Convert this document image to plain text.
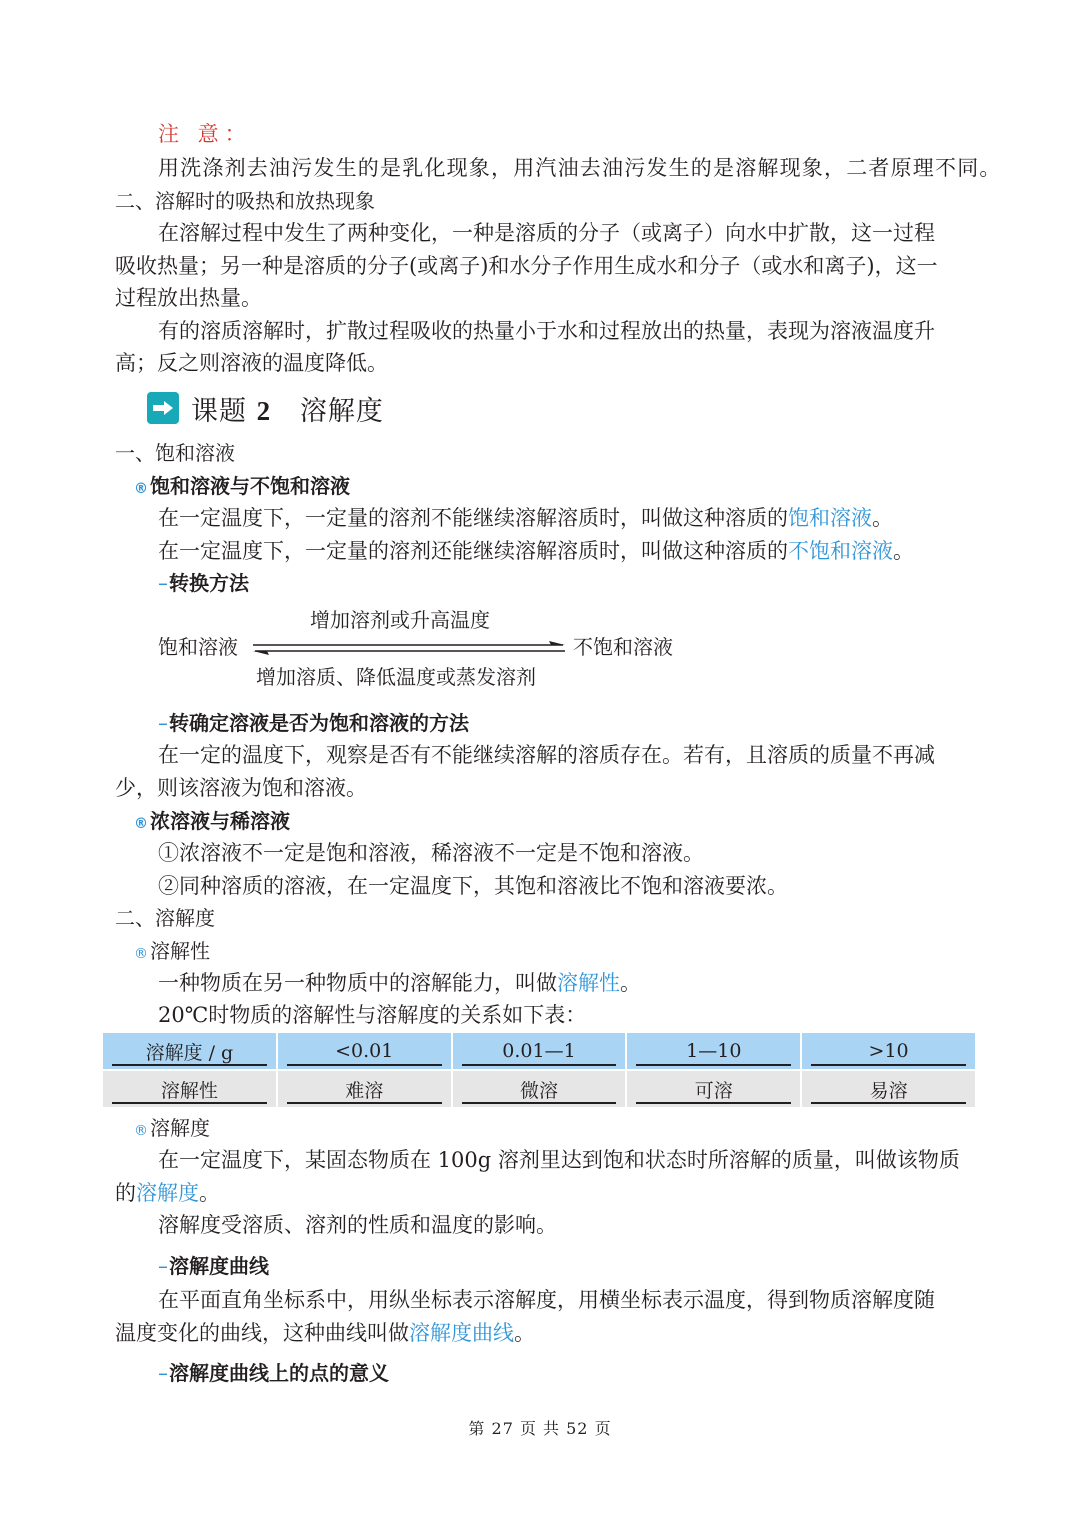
注 意：
用洗涤剂去油污发生的是乳化现象，用汽油去油污发生的是溶解现象，二者原理不同。
二、溶解时的吸热和放热现象
在溶解过程中发生了两种变化，一种是溶质的分子（或离子）向水中扩散，这一过程
吸收热量；另一种是溶质的分子(或离子)和水分子作用生成水和分子（或水和离子)，这一
过程放出热量。
有的溶质溶解时，扩散过程吸收的热量小于水和过程放出的热量，表现为溶液温度升
高；反之则溶液的温度降低。
课题 2 溶解度
一、饱和溶液
® 饱和溶液与不饱和溶液
在一定温度下，一定量的溶剂不能继续溶解溶质时，叫做这种溶质的饱和溶液。
在一定温度下，一定量的溶剂还能继续溶解溶质时，叫做这种溶质的不饱和溶液。
–转换方法
增加溶剂或升高温度
饱和溶液	不饱和溶液
增加溶质、降低温度或蒸发溶剂
–转确定溶液是否为饱和溶液的方法
在一定的温度下，观察是否有不能继续溶解的溶质存在。若有，且溶质的质量不再减
少，则该溶液为饱和溶液。
® 浓溶液与稀溶液
①浓溶液不一定是饱和溶液，稀溶液不一定是不饱和溶液。
②同种溶质的溶液，在一定温度下，其饱和溶液比不饱和溶液要浓。
二、溶解度
® 溶解性
一种物质在另一种物质中的溶解能力，叫做溶解性。
20℃时物质的溶解性与溶解度的关系如下表：
溶解度 / g	<0.01	0.01—1	1—10	>10
溶解性	难溶	微溶	可溶	易溶
® 溶解度
在一定温度下，某固态物质在 100g 溶剂里达到饱和状态时所溶解的质量，叫做该物质
的溶解度。
溶解度受溶质、溶剂的性质和温度的影响。
–溶解度曲线
在平面直角坐标系中，用纵坐标表示溶解度，用横坐标表示温度，得到物质溶解度随
温度变化的曲线，这种曲线叫做溶解度曲线。
–溶解度曲线上的点的意义
第 27 页 共 52 页
